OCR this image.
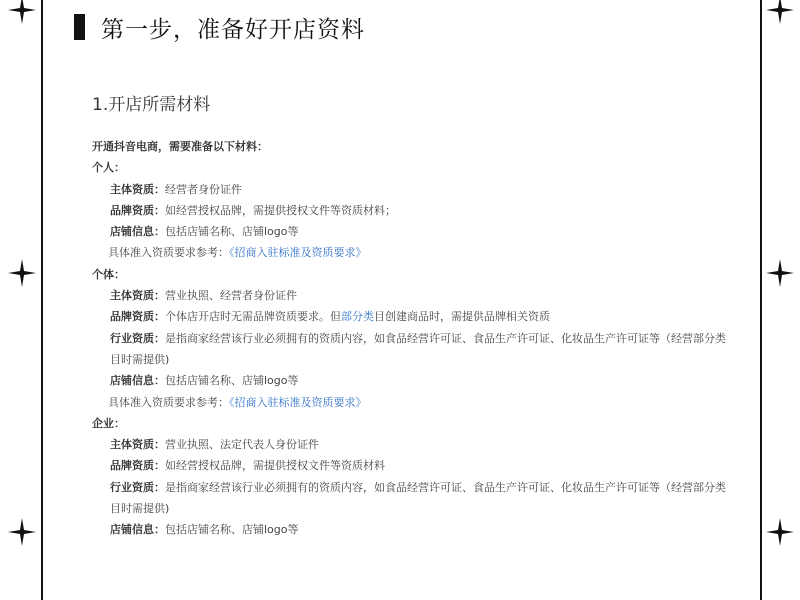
第一步，准备好开店资料
1.开店所需材料
开通抖音电商，需要准备以下材料：
个人：
主体资质：经营者身份证件
品牌资质：如经营授权品牌，需提供授权文件等资质材料；
店铺信息：包括店铺名称、店铺logo等
具体准入资质要求参考：《招商入驻标准及资质要求》
个体：
主体资质：营业执照、经营者身份证件
品牌资质：个体店开店时无需品牌资质要求。但部分类目创建商品时，需提供品牌相关资质
行业资质：是指商家经营该行业必须拥有的资质内容，如食品经营许可证、食品生产许可证、化妆品生产许可证等（经营部分类
目时需提供)
店铺信息：包括店铺名称、店铺logo等
具体准入资质要求参考：《招商入驻标准及资质要求》
企业：
主体资质：营业执照、法定代表人身份证件
品牌资质：如经营授权品牌，需提供授权文件等资质材料
行业资质：是指商家经营该行业必须拥有的资质内容，如食品经营许可证、食品生产许可证、化妆品生产许可证等（经营部分类
目时需提供)
店铺信息：包括店铺名称、店铺logo等
